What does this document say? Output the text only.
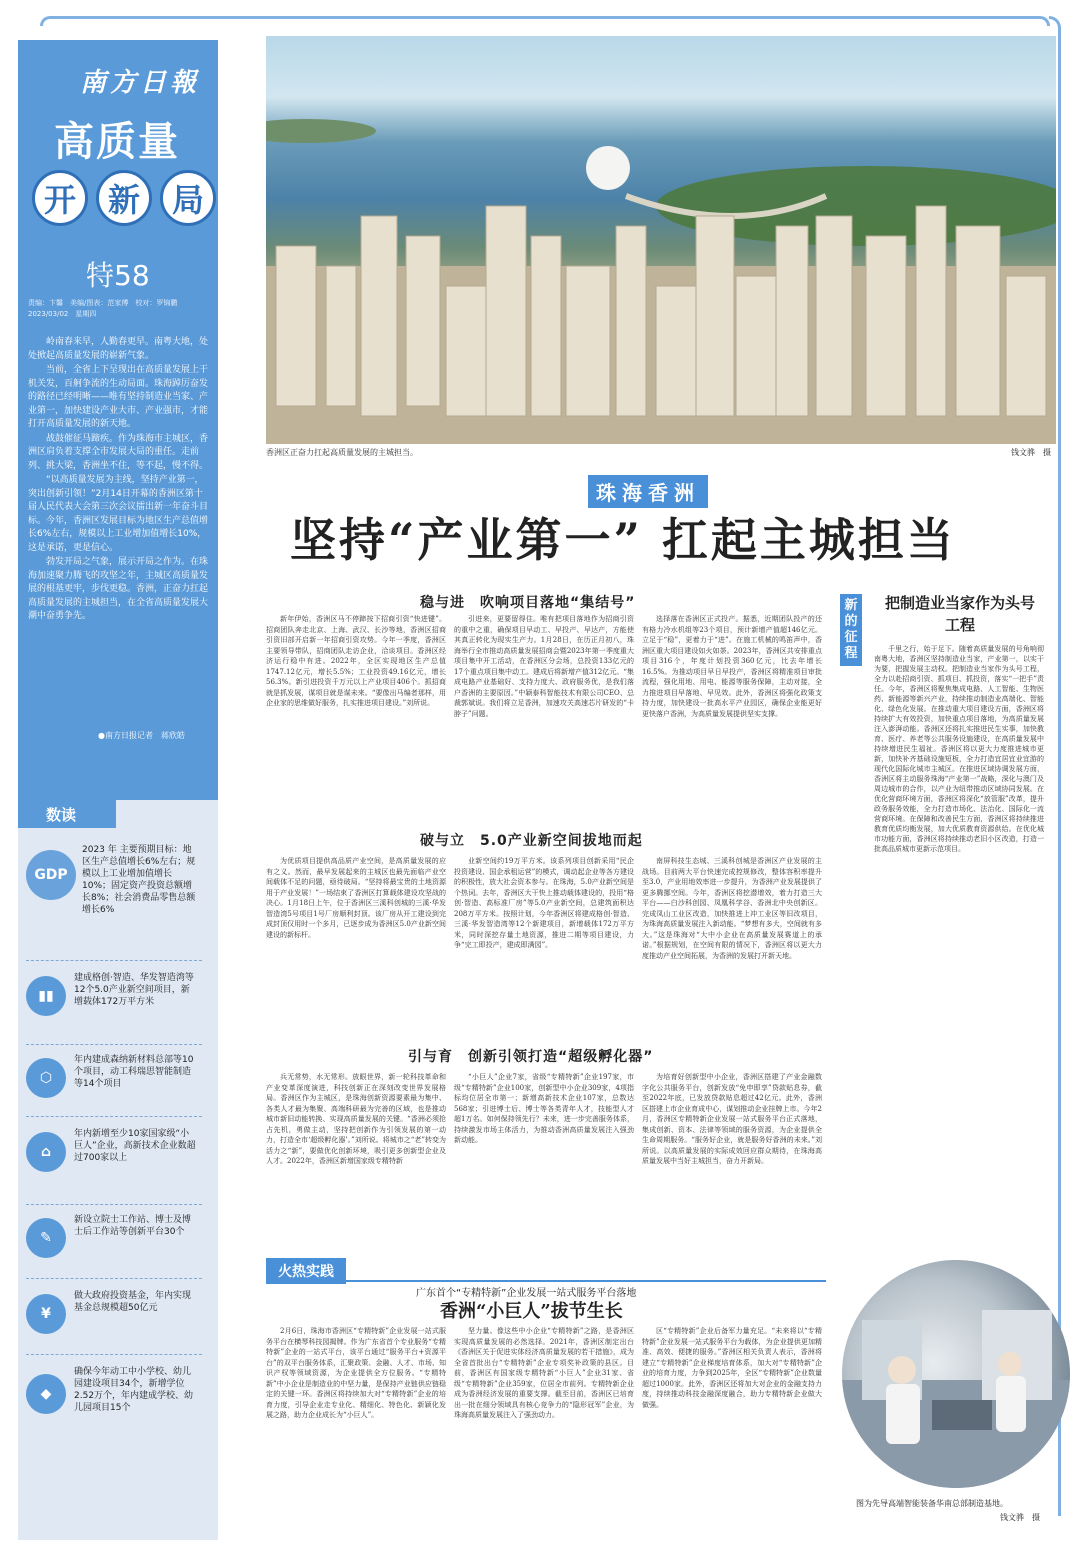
南方日報
高质量
开 新 局
特58
责编：卞馨　美编/图表：范家傅　校对：罗锦鹏
2023/03/02　星期四

岭南春来早，人勤春更早。南粤大地，处处掀起高质量发展的崭新气象。

当前，全省上下呈现出在高质量发展上干机关发，百舸争流的生动局面。珠海踔厉奋发的路径已经明晰——唯有坚持制造业当家、产业第一，加快建设产业大市、产业强市，才能打开高质量发展的新天地。

战鼓催征马蹄疾。作为珠海市主城区，香洲区肩负着支撑全市发展大局的重任。走前列、挑大梁，香洲坐不住，等不起，慢不得。

“以高质量发展为主线，坚持产业第一，突出创新引领！”2月14日开幕的香洲区第十届人民代表大会第三次会议擂出新一年奋斗目标。今年，香洲区发展目标为地区生产总值增长6%左右，规模以上工业增加值增长10%，这是承诺，更是信心。

勃发开局之气象，展示开局之作为。在珠海加速聚力腾飞的攻坚之年，主城区高质量发展的根基更牢，步伐更稳。香洲，正奋力扛起高质量发展的主城担当，在全省高质量发展大潮中奋勇争先。

●南方日报记者　蒋欣皓
数读
GDP
2023 年 主要预期目标：地区生产总值增长6%左右；规模以上工业增加值增长10%；固定资产投资总额增长8%；社会消费品零售总额增长6%
▮▮
建成格创·智造、华发智造湾等12个5.0产业新空间项目，新增载体172万平方米
⬡
年内建成森纳新材料总部等10个项目，动工科瑞思智能制造等14个项目
⌂
年内新增至少10家国家级“小巨人”企业，高新技术企业数超过700家以上
✎
新设立院士工作站、博士及博士后工作站等创新平台30个
¥
做大政府投资基金，年内实现基金总规模超50亿元
◆
确保今年动工中小学校、幼儿园建设项目34个，新增学位2.52万个，年内建成学校、幼儿园项目15个
香洲区正奋力扛起高质量发展的主城担当。	钱文骅　摄
珠海香洲
坚持“产业第一” 扛起主城担当
稳与进　吹响项目落地“集结号”
新年伊始，香洲区马不停蹄按下招商引资“快进键”。招商团队奔走北京、上海、武汉、长沙等地，香洲区招商引资旧部开启新一年招商引资攻势。今年一季度，香洲区主要领导带队，招商团队走访企业，洽谈项目。香洲区经济运行稳中有进。2022年，全区实现地区生产总值1747.12亿元，增长5.5%；工业投资49.16亿元，增长56.3%。新引进投资千万元以上产业项目406个。抓招商就是抓发展，谋项目就是谋未来。“要像出马编者那样，用企业家的思维做好服务，扎实推进项目建设。”刘所说。
引进来，更要留得住。唯有把项目落地作为招商引资的重中之重，确保项目早动工、早投产、早达产，方能使其真正转化为现实生产力。1月28日，在历正月初八，珠海举行全市推动高质量发展招商会暨2023年第一季度重大项目集中开工活动，在香洲区分会场，总投资133亿元的17个重点项目集中动工。建成后将新增产值312亿元。“集成电路产业基础好、支持力度大、政府服务优，是我们落户香洲的主要原因。”中颖泰科智能技术有限公司CEO、总裁郭斌说。我们将立足香洲，加速攻关高速芯片研发的“卡脖子”问题。
选择落在香洲区正式投产。据悉，近期团队投产的还有格力冷水机组等23个项目，预计新增产值超146亿元。立足于“稳”，更着力于“进”。在施工机械的鸣笛声中，香洲区重大项目建设如火如荼。2023年，香洲区共安排重点项目316个，年度计划投资360亿元，比去年增长16.5%。为推动项目早日早投产，香洲区将精准项目审批流程，强化用地、用电、能源等服务保障，主动对接，全力推进项目早落地、早见效。此外，香洲区将强化政策支持力度，加快建设一批高水平产业园区，确保企业能更好更快落户香洲，为高质量发展提供坚实支撑。
破与立　5.0产业新空间拔地而起
为优质项目提供高品质产业空间，是高质量发展的应有之义。然而，最早发展起来的主城区也最先面临产业空间载体不足的问题，亟待破局。“坚持将最宝贵的土地资源用于产业发展！”一场结束了香洲区打算载体建设攻坚战的决心。1月18日上午，位于香洲区三溪科创城的三溪·华发智造湾5号项目1号厂房顺利封顶。该厂房从开工建设到完成封顶仅用时一个多月，已逐步成为香洲区5.0产业新空间建设的新标杆。
业新空间约19万平方米。该系列项目创新采用“民企投资建设、国企承租运营”的模式，调动起企业等各方建设的积极性，放大社会资本参与。在珠海，5.0产业新空间是个热词。去年，香洲区大干快上推动载体建设的，投用“格创·智造、高标准厂房”等5.0产业新空间，总建筑面积达208万平方米。按照计划，今年香洲区将建成格创·智造、三溪·华发智造湾等12个新建项目，新增载体172万平方米，同时深挖存量土地资源，推进二期等项目建设，力争“完工即投产，建成即满园”。
南屏科技生态城、三溪科创城是香洲区产业发展的主战场。目前两大平台快速完成控规修改，整体容积率提升至3.0，产业用地效率进一步提升，为香洲产业发展提供了更多腾挪空间。今年，香洲区将挖潜增效，着力打造三大平台——白沙科创园、凤凰科学谷、香洲北中央创新区。完成凤山工业区改造，加快推进上冲工业区等旧改项目，为珠海高质量发展注入新动能。“梦想有多大，空间就有多大。”这是珠海对“大中小企业在高质量发展赛道上的承诺。”根据规划，在空间有限的情况下，香洲区将以更大力度推动产业空间拓展，为香洲的发展打开新天地。
引与育　创新引领打造“超级孵化器”
兵无常势，水无常形。放眼世界，新一轮科技革命和产业变革深度演进，科技创新正在深刻改变世界发展格局。香洲区作为主城区，是珠海创新资源要素最为集中、各类人才最为集聚、高端科研最为完善的区域，也是推动城市新旧动能转换、实现高质量发展的关键。“香洲必须抢占先机，勇做主动，坚持把创新作为引领发展的第一动力，打造全市‘超级孵化器’。”刘所说。将城市之“老”转变为活力之“新”，要做优化创新环境，吸引更多创新型企业及人才。2022年，香洲区新增国家级专精特新
“小巨人”企业7家，省级“专精特新”企业197家，市级“专精特新”企业100家，创新型中小企业309家，4项指标均位居全市第一；新增高新技术企业107家，总数达568家；引进博士后、博士等各类青年人才，技能型人才超1万名。如何保持领先行？未来，进一步完善服务体系，持续激发市场主体活力，为推动香洲高质量发展注入强劲新动能。
为培育好创新型中小企业，香洲区搭建了产业金融数字化公共服务平台，创新发放“免申即享”贷款贴息券，截至2022年底，已发放贷款贴息超过42亿元。此外，香洲区搭建上市企业育成中心，谋划推动企业挂牌上市。今年2月，香洲区专精特新企业发展一站式服务平台正式落地，集成创新、资本、法律等领域的服务资源，为企业提供全生命周期服务。“服务好企业，就是服务好香洲的未来。”刘所说。以高质量发展的实际成效回应群众期待，在珠海高质量发展中当好主城担当，奋力开新局。
新的征程
把制造业当家作为头号工程
千里之行，始于足下。随着高质量发展的号角响彻南粤大地，香洲区坚持制造业当家，产业第一，以实干为要，把握发展主动权。把制造业当家作为头号工程，全力以赴招商引资、抓项目、抓投资，落实“一把手”责任。今年，香洲区将聚焦集成电路、人工智能、生物医药、新能源等新兴产业，持续推动制造业高端化、智能化、绿色化发展。在推动重大项目建设方面，香洲区将持续扩大有效投资，加快重点项目落地，为高质量发展注入澎湃动能。香洲区还将扎实推进民生实事，加快教育、医疗、养老等公共服务设施建设，在高质量发展中持续增进民生福祉。香洲区将以更大力度推进城市更新，加快补齐基础设施短板，全力打造宜居宜业宜游的现代化国际化城市主城区。在推进区域协调发展方面，香洲区将主动服务珠海“产业第一”战略，深化与澳门及周边城市的合作，以产业为纽带推动区域协同发展。在优化营商环境方面，香洲区将深化“放管服”改革，提升政务服务效能，全力打造市场化、法治化、国际化一流营商环境。在保障和改善民生方面，香洲区将持续推进教育优质均衡发展，加大优质教育资源供给。在优化城市功能方面，香洲区将持续推动老旧小区改造，打造一批高品质城市更新示范项目。
火热实践
广东首个“专精特新”企业发展一站式服务平台落地
香洲“小巨人”拔节生长
2月6日，珠海市香洲区“专精特新”企业发展一站式服务平台在横琴科技园揭牌。作为广东省首个专业服务“专精特新”企业的一站式平台，该平台通过“服务平台+资源平台”的双平台服务体系，汇聚政策、金融、人才、市场、知识产权等领域资源，为企业提供全方位服务。“专精特新”中小企业是制造业的中坚力量，是保持产业链供应链稳定的关键一环。香洲区将持续加大对“专精特新”企业的培育力度，引导企业走专业化、精细化、特色化、新颖化发展之路，助力企业成长为“小巨人”。
坚力量。像这些中小企业“专精特新”之路，是香洲区实现高质量发展的必然选择。2021年，香洲区制定出台《香洲区关于促进实体经济高质量发展的若干措施》，成为全省首批出台“专精特新”企业专项奖补政策的县区。目前，香洲区有国家级专精特新“小巨人”企业31家、省级“专精特新”企业359家，位居全市前列。专精特新企业成为香洲经济发展的重要支撑。截至目前，香洲区已培育出一批在细分领域具有核心竞争力的“隐形冠军”企业，为珠海高质量发展注入了强劲动力。
区“专精特新”企业后备军力量充足。“未来将以“专精特新”企业发展一站式服务平台为载体，为企业提供更加精准、高效、便捷的服务。”香洲区相关负责人表示，香洲将建立“专精特新”企业梯度培育体系，加大对“专精特新”企业的培育力度，力争到2025年，全区“专精特新”企业数量超过1000家。此外，香洲区还将加大对企业的金融支持力度，持续推动科技金融深度融合，助力专精特新企业做大做强。
图为先导高端智能装备华南总部制造基地。
钱文骅　摄
